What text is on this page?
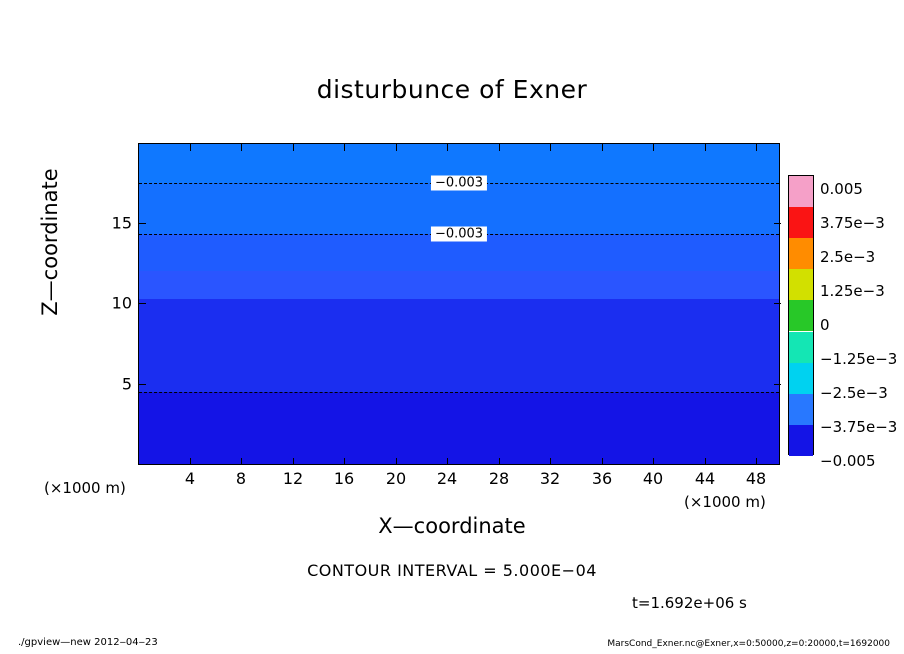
disturbunce of Exner
−0.003
−0.003
4	8 12 16 20 24 28 32 36 40 44 48
5
10
15
X—coordinate
Z—coordinate
(×1000 m)
(×1000 m)
CONTOUR INTERVAL = 5.000E−04
t=1.692e+06 s
0.005
3.75e−3
2.5e−3
1.25e−3
0
−1.25e−3
−2.5e−3
−3.75e−3
−0.005
./gpview—new 2012‒04‒23	MarsCond_Exner.nc@Exner,x=0:50000,z=0:20000,t=1692000
